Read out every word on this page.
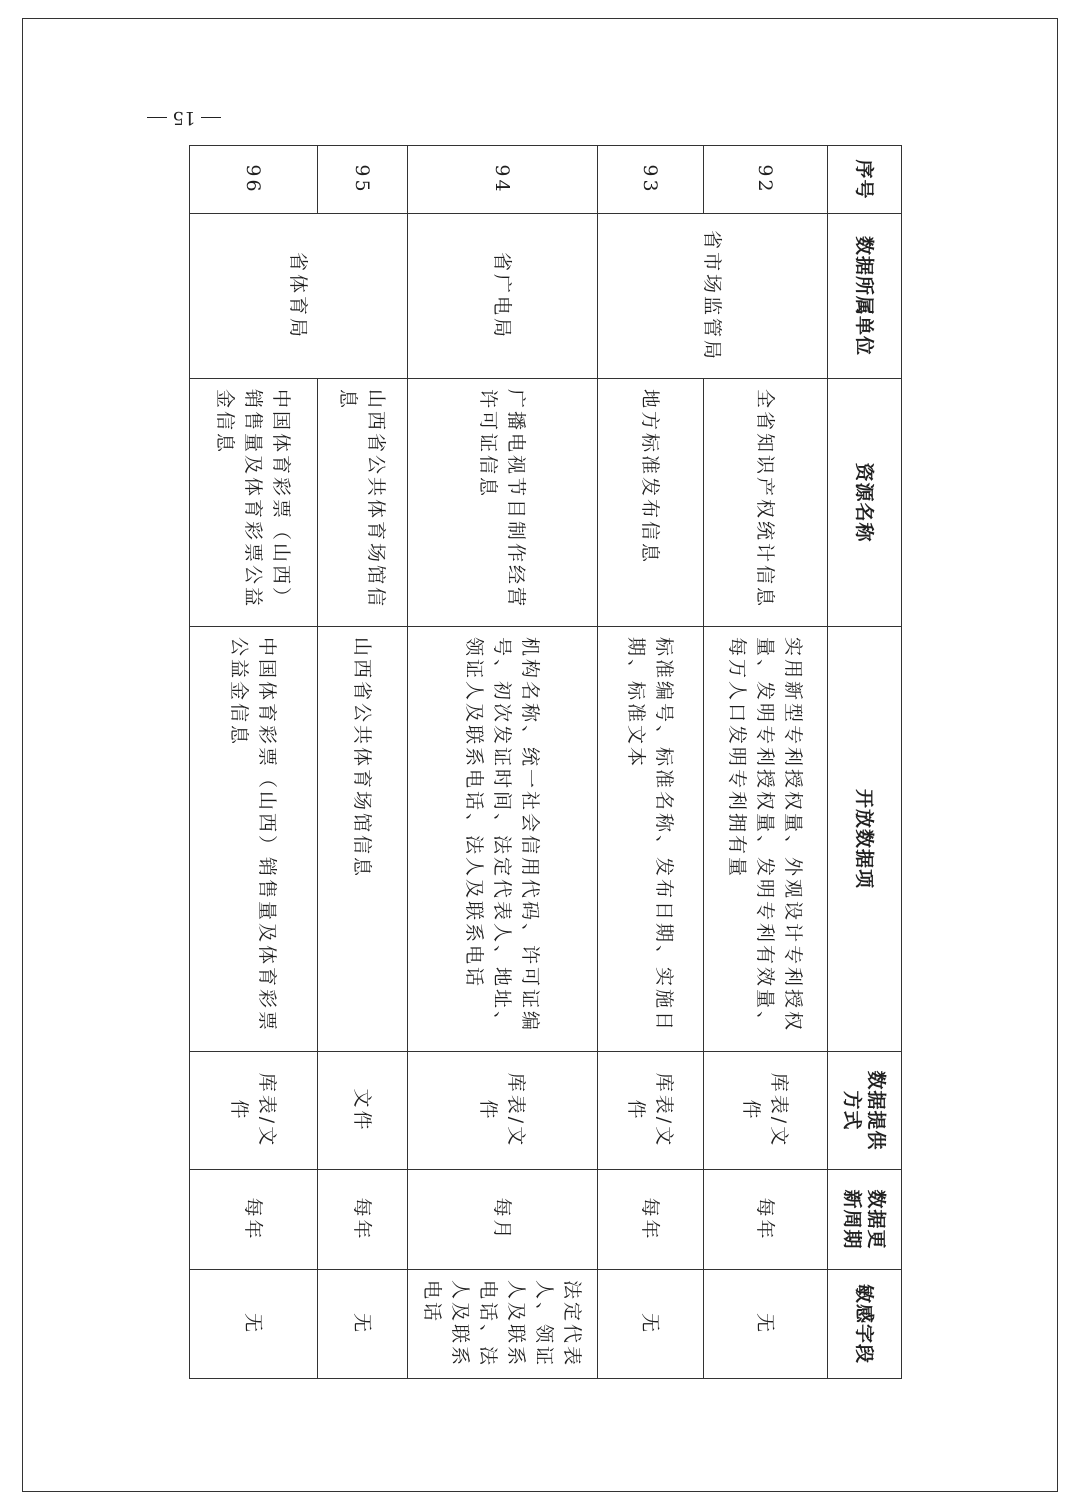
15
序号	数据所属单位	资源名称	开放数据项	数据提供方式	数据更新周期	敏感字段
92	省市场监管局	全省知识产权统计信息	实用新型专利授权量、外观设计专利授权量、发明专利授权量、发明专利有效量、每万人口发明专利拥有量	库表/文件	每年	无
93		地方标准发布信息	标准编号、标准名称、发布日期、实施日期、标准文本	库表/文件	每年	无
94	省广电局	广播电视节目制作经营许可证信息	机构名称、统一社会信用代码、许可证编号、初次发证时间、法定代表人、地址、领证人及联系电话、法人及联系电话	库表/文件	每月	法定代表人、领证人及联系电话、法人及联系电话
95	省体育局	山西省公共体育场馆信息	山西省公共体育场馆信息	文件	每年	无
96		中国体育彩票（山西）销售量及体育彩票公益金信息	中国体育彩票（山西）销售量及体育彩票公益金信息	库表/文件	每年	无
